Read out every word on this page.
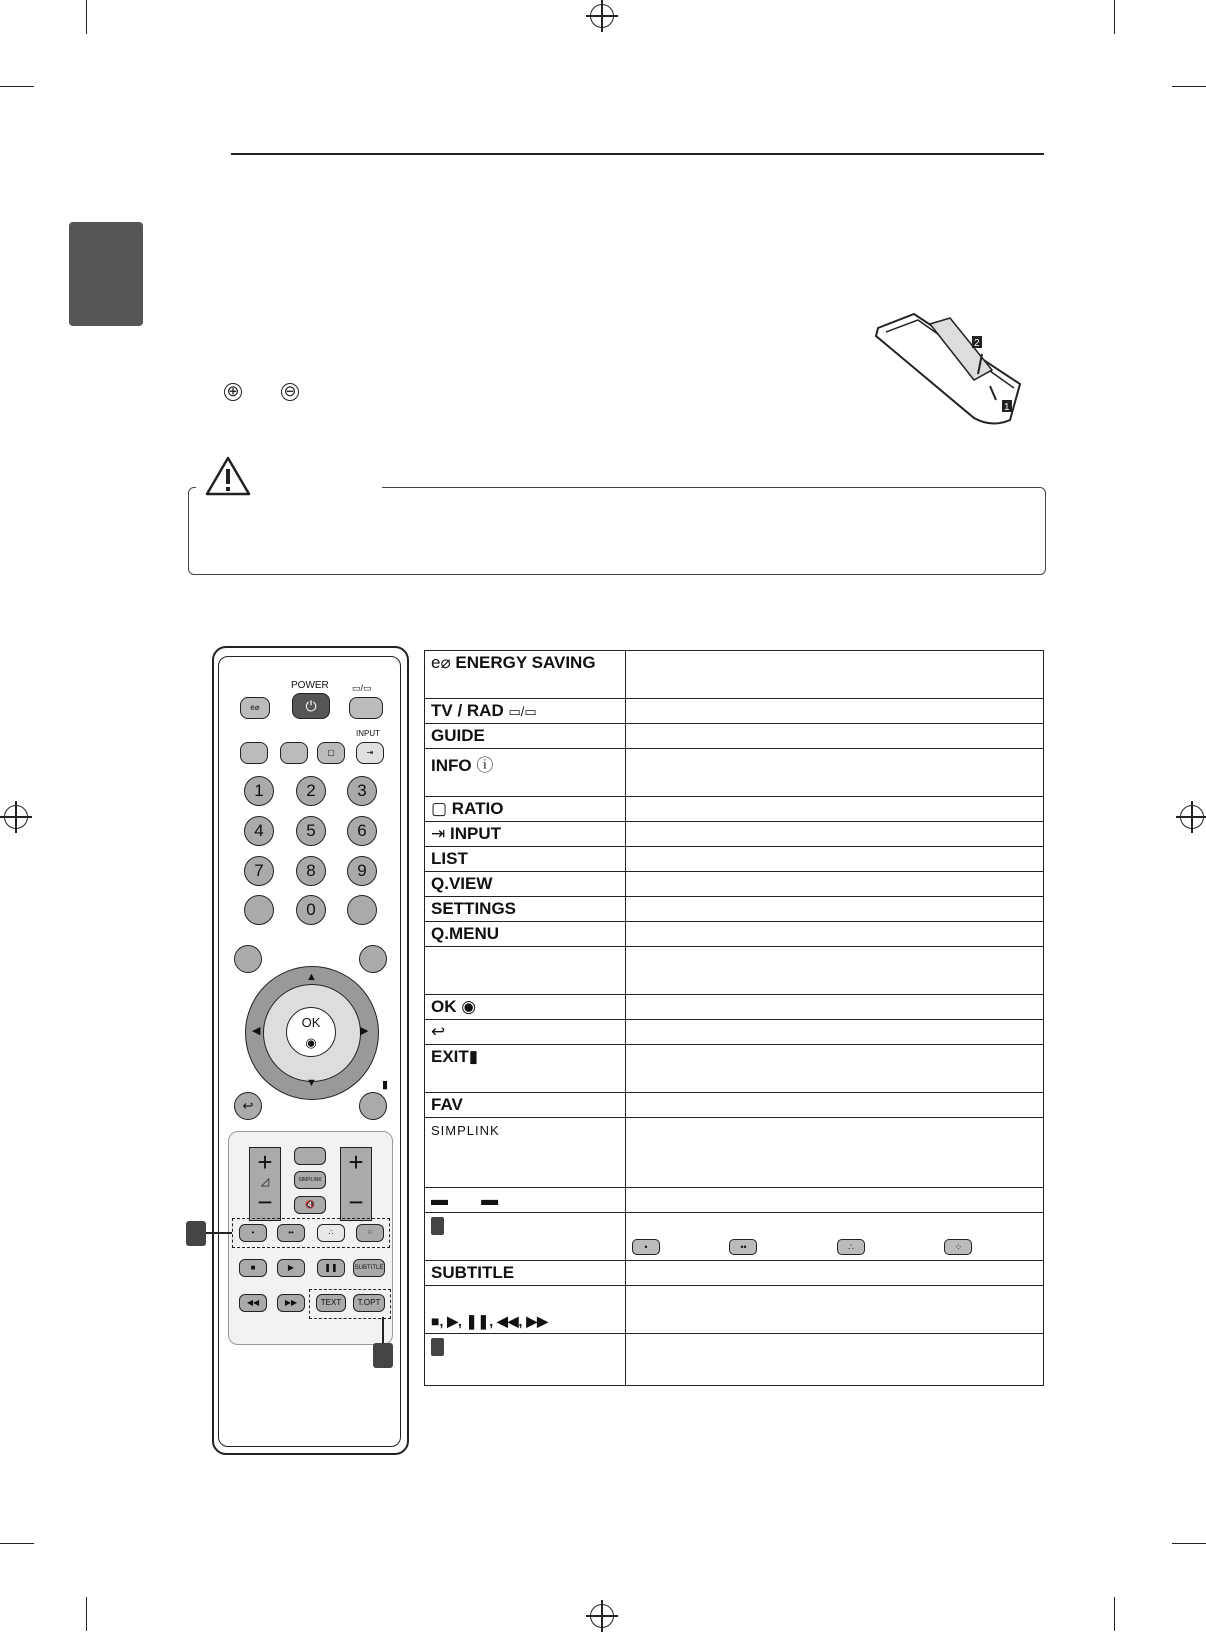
⊕	⊖
2
1
POWER
e⌀	⏻
▭/▭
INPUT
▢	⇥
1	2	3
4	5	6
7	8	9
0
▲
▼
◀	▶
OK
◉
↩
▮
+
◿
−
+

−
SIMPLINK
🔇
•	••	∴	⁘
■	▶	❚❚	SUBTITLE
◀◀	▶▶	TEXT	T.OPT
e⌀ ENERGY SAVING	
TV / RAD ▭/▭	
GUIDE	
INFO ⓘ	
▢ RATIO	
⇥ INPUT	
LIST	
Q.VIEW	
SETTINGS	
Q.MENU	

OK ◉	
↩	
EXIT▮	
FAV	
SIMPLINK	
▬ ▬	
	• •• ∴ ⁘
SUBTITLE	
■, ▶, ❚❚, ◀◀, ▶▶	
